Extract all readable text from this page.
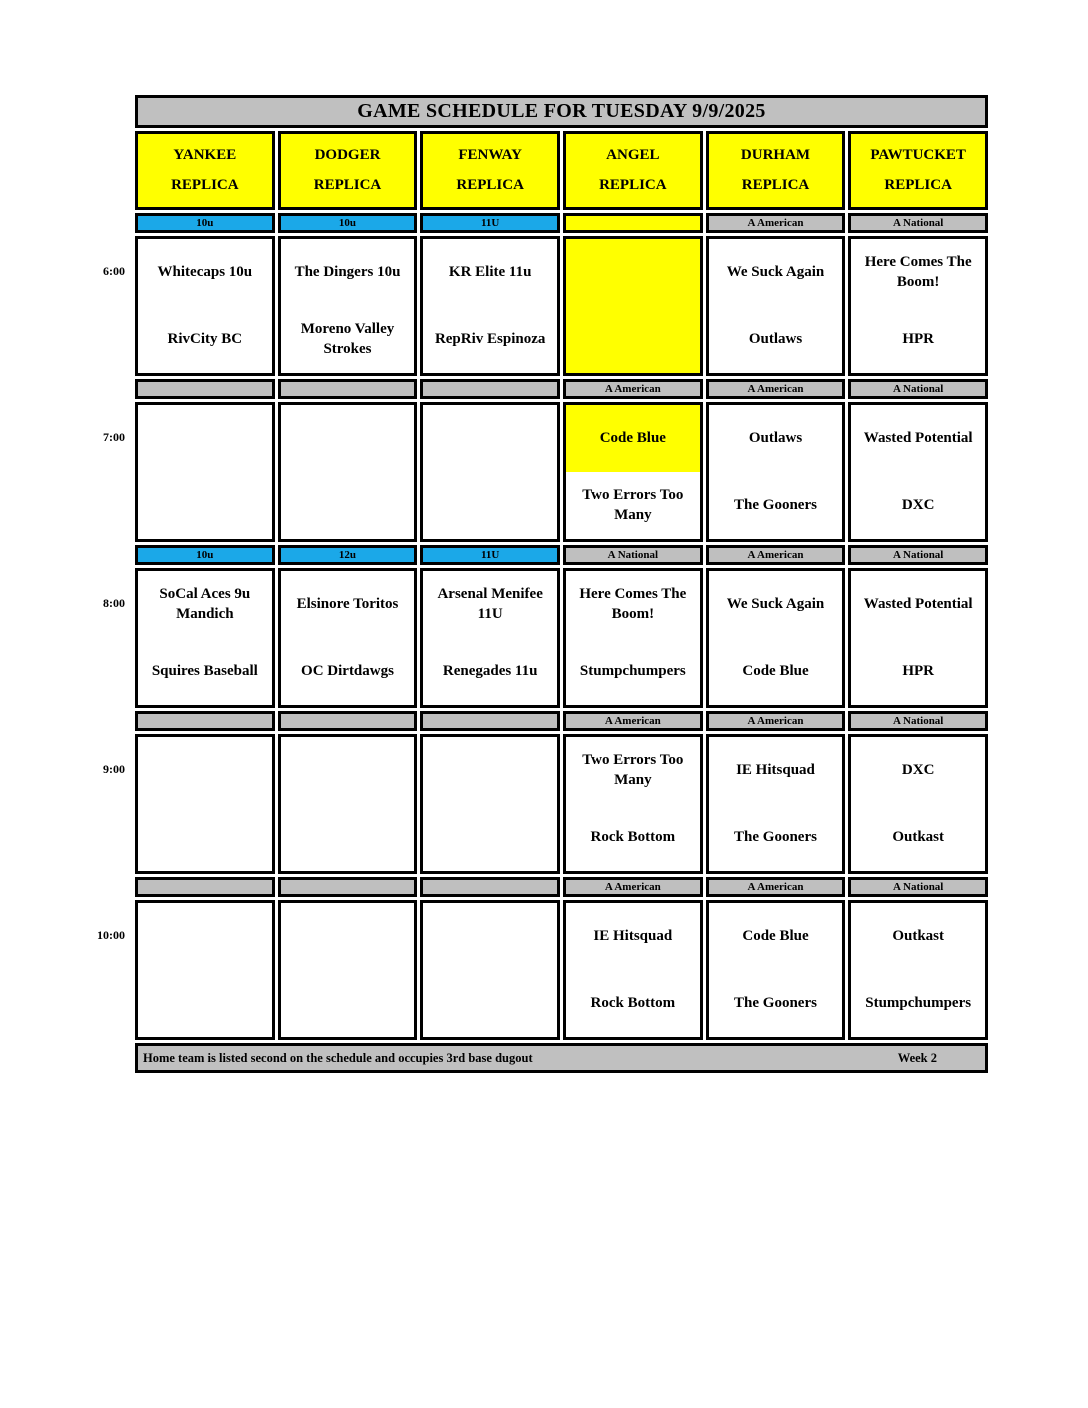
6:00
7:00
8:00
9:00
10:00
GAME SCHEDULE FOR TUESDAY 9/9/2025
YANKEE
REPLICA
10u
Whitecaps 10u
RivCity BC
10u
SoCal Aces 9u Mandich
Squires Baseball
DODGER
REPLICA
10u
The Dingers 10u
Moreno Valley Strokes
12u
Elsinore Toritos
OC Dirtdawgs
FENWAY
REPLICA
11U
KR Elite 11u
RepRiv Espinoza
11U
Arsenal Menifee 11U
Renegades 11u
ANGEL
REPLICA
A American
Code Blue
Two Errors Too Many
A National
Here Comes The Boom!
Stumpchumpers
A American
Two Errors Too Many
Rock Bottom
A American
IE Hitsquad
Rock Bottom
DURHAM
REPLICA
A American
We Suck Again
Outlaws
A American
Outlaws
The Gooners
A American
We Suck Again
Code Blue
A American
IE Hitsquad
The Gooners
A American
Code Blue
The Gooners
PAWTUCKET
REPLICA
A National
Here Comes The Boom!
HPR
A National
Wasted Potential
DXC
A National
Wasted Potential
HPR
A National
DXC
Outkast
A National
Outkast
Stumpchumpers
Home team is listed second on the schedule and occupies 3rd base dugout	Week 2
